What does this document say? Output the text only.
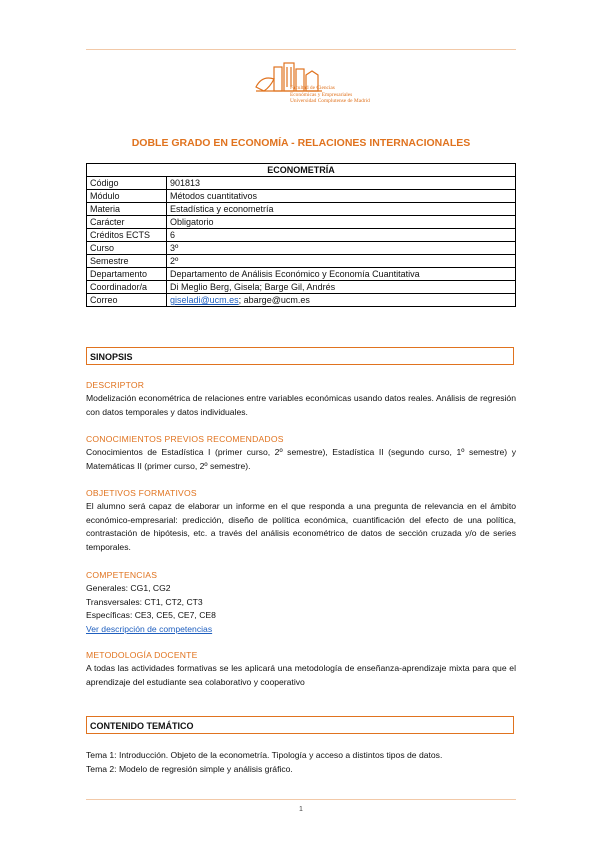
Facultad de Ciencias
Económicas y Empresariales
Universidad Complutense de Madrid
DOBLE GRADO EN ECONOMÍA - RELACIONES INTERNACIONALES
ECONOMETRÍA	
Código	901813
Módulo	Métodos cuantitativos
Materia	Estadística y econometría
Carácter	Obligatorio
Créditos ECTS	6
Curso	3º
Semestre	2º
Departamento	Departamento de Análisis Económico y Economía Cuantitativa
Coordinador/a	Di Meglio Berg, Gisela; Barge Gil, Andrés
Correo	giseladi@ucm.es; abarge@ucm.es
SINOPSIS
DESCRIPTOR
Modelización econométrica de relaciones entre variables económicas usando datos reales. Análisis de regresión con datos temporales y datos individuales.
CONOCIMIENTOS PREVIOS RECOMENDADOS
Conocimientos de Estadística I (primer curso, 2º semestre), Estadística II (segundo curso, 1º semestre) y Matemáticas II (primer curso, 2º semestre).
OBJETIVOS FORMATIVOS
El alumno será capaz de elaborar un informe en el que responda a una pregunta de relevancia en el ámbito económico-empresarial: predicción, diseño de política económica, cuantificación del efecto de una política, contrastación de hipótesis, etc. a través del análisis econométrico de datos de sección cruzada y/o de series temporales.
COMPETENCIAS
Generales: CG1, CG2
Transversales: CT1, CT2, CT3
Específicas: CE3, CE5, CE7, CE8
Ver descripción de competencias
METODOLOGÍA DOCENTE
A todas las actividades formativas se les aplicará una metodología de enseñanza-aprendizaje mixta para que el aprendizaje del estudiante sea colaborativo y cooperativo
CONTENIDO TEMÁTICO
Tema 1: Introducción. Objeto de la econometría. Tipología y acceso a distintos tipos de datos.
Tema 2: Modelo de regresión simple y análisis gráfico.
1
